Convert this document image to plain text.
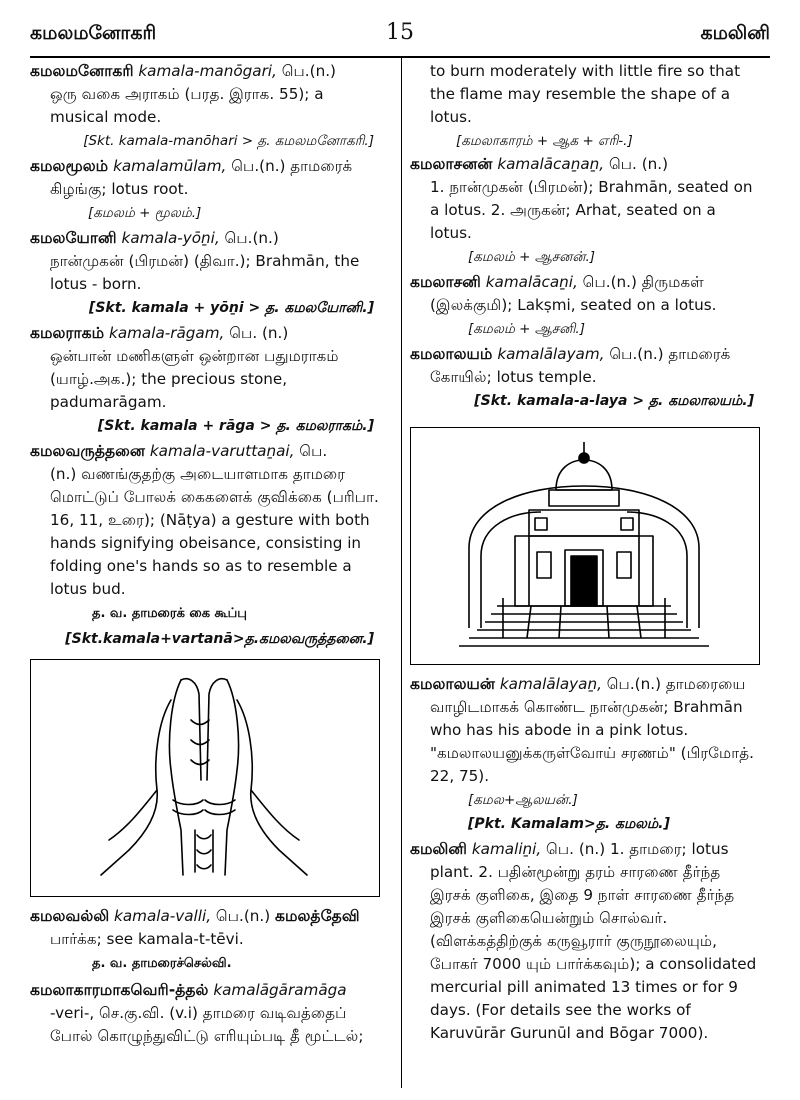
கமலமனோகரி	15	கமலினி
கமலமனோகரி kamala-manōgari, பெ.(n.)
ஒரு வகை அராகம் (பரத. இராக. 55); a musical mode.
[Skt. kamala-manōhari > த. கமலமனோகரி.]
கமலமூலம் kamalamūlam, பெ.(n.) தாமரைக்
கிழங்கு; lotus root.
[கமலம் + மூலம்.]
கமலயோனி kamala-yōṉi, பெ.(n.)
நான்முகன் (பிரமன்) (திவா.); Brahmān, the lotus - born.
[Skt. kamala + yōṉi > த. கமலயோனி.]
கமலராகம் kamala-rāgam, பெ. (n.)
ஒன்பான் மணிகளுள் ஒன்றான பதுமராகம் (யாழ்.அக.); the precious stone, padumarāgam.
[Skt. kamala + rāga > த. கமலராகம்.]
கமலவருத்தனை kamala-varuttaṉai, பெ.
(n.) வணங்குதற்கு அடையாளமாக தாமரை மொட்டுப் போலக் கைகளைக் குவிக்கை (பரிபா. 16, 11, உரை); (Nāṭya) a gesture with both hands signifying obeisance, consisting in folding one's hands so as to resemble a lotus bud.
த. வ. தாமரைக் கை கூப்பு
[Skt.kamala+vartanā>த.கமலவருத்தனை.]
கமலவல்லி kamala-valli, பெ.(n.) கமலத்தேவி
பார்க்க; see kamala-t-tēvi.
த. வ. தாமரைச்செல்வி.
கமலாகாரமாகவெரி-த்தல் kamalāgāramāga
-veri-, செ.கு.வி. (v.i) தாமரை வடிவத்தைப் போல் கொழுந்துவிட்டு எரியும்படி தீ மூட்டல்;
to burn moderately with little fire so that the flame may resemble the shape of a lotus.
[கமலாகாரம் + ஆக + எரி-.]
கமலாசனன் kamalācaṉaṉ, பெ. (n.)
1. நான்முகன் (பிரமன்); Brahmān, seated on a lotus. 2. அருகன்; Arhat, seated on a lotus.
[கமலம் + ஆசனன்.]
கமலாசனி kamalācaṉi, பெ.(n.) திருமகள்
(இலக்குமி); Lakṣmi, seated on a lotus.
[கமலம் + ஆசனி.]
கமலாலயம் kamalālayam, பெ.(n.) தாமரைக்
கோயில்; lotus temple.
[Skt. kamala-a-laya > த. கமலாலயம்.]
கமலாலயன் kamalālayaṉ, பெ.(n.) தாமரையை
வாழிடமாகக் கொண்ட நான்முகன்; Brahmān who has his abode in a pink lotus. "கமலாலயனுக்கருள்வோய் சரணம்" (பிரமோத். 22, 75).
[கமல+ஆலயன்.]
[Pkt. Kamalam>த. கமலம்.]
கமலினி kamaliṉi, பெ. (n.) 1. தாமரை; lotus
plant. 2. பதின்மூன்று தரம் சாரணை தீர்ந்த இரசக் குளிகை, இதை 9 நாள் சாரணை தீர்ந்த இரசக் குளிகையென்றும் சொல்வர். (விளக்கத்திற்குக் கருவூரார் குருநூலையும், போகர் 7000 யும் பார்க்கவும்); a consolidated mercurial pill animated 13 times or for 9 days. (For details see the works of Karuvūrār Gurunūl and Bōgar 7000).
